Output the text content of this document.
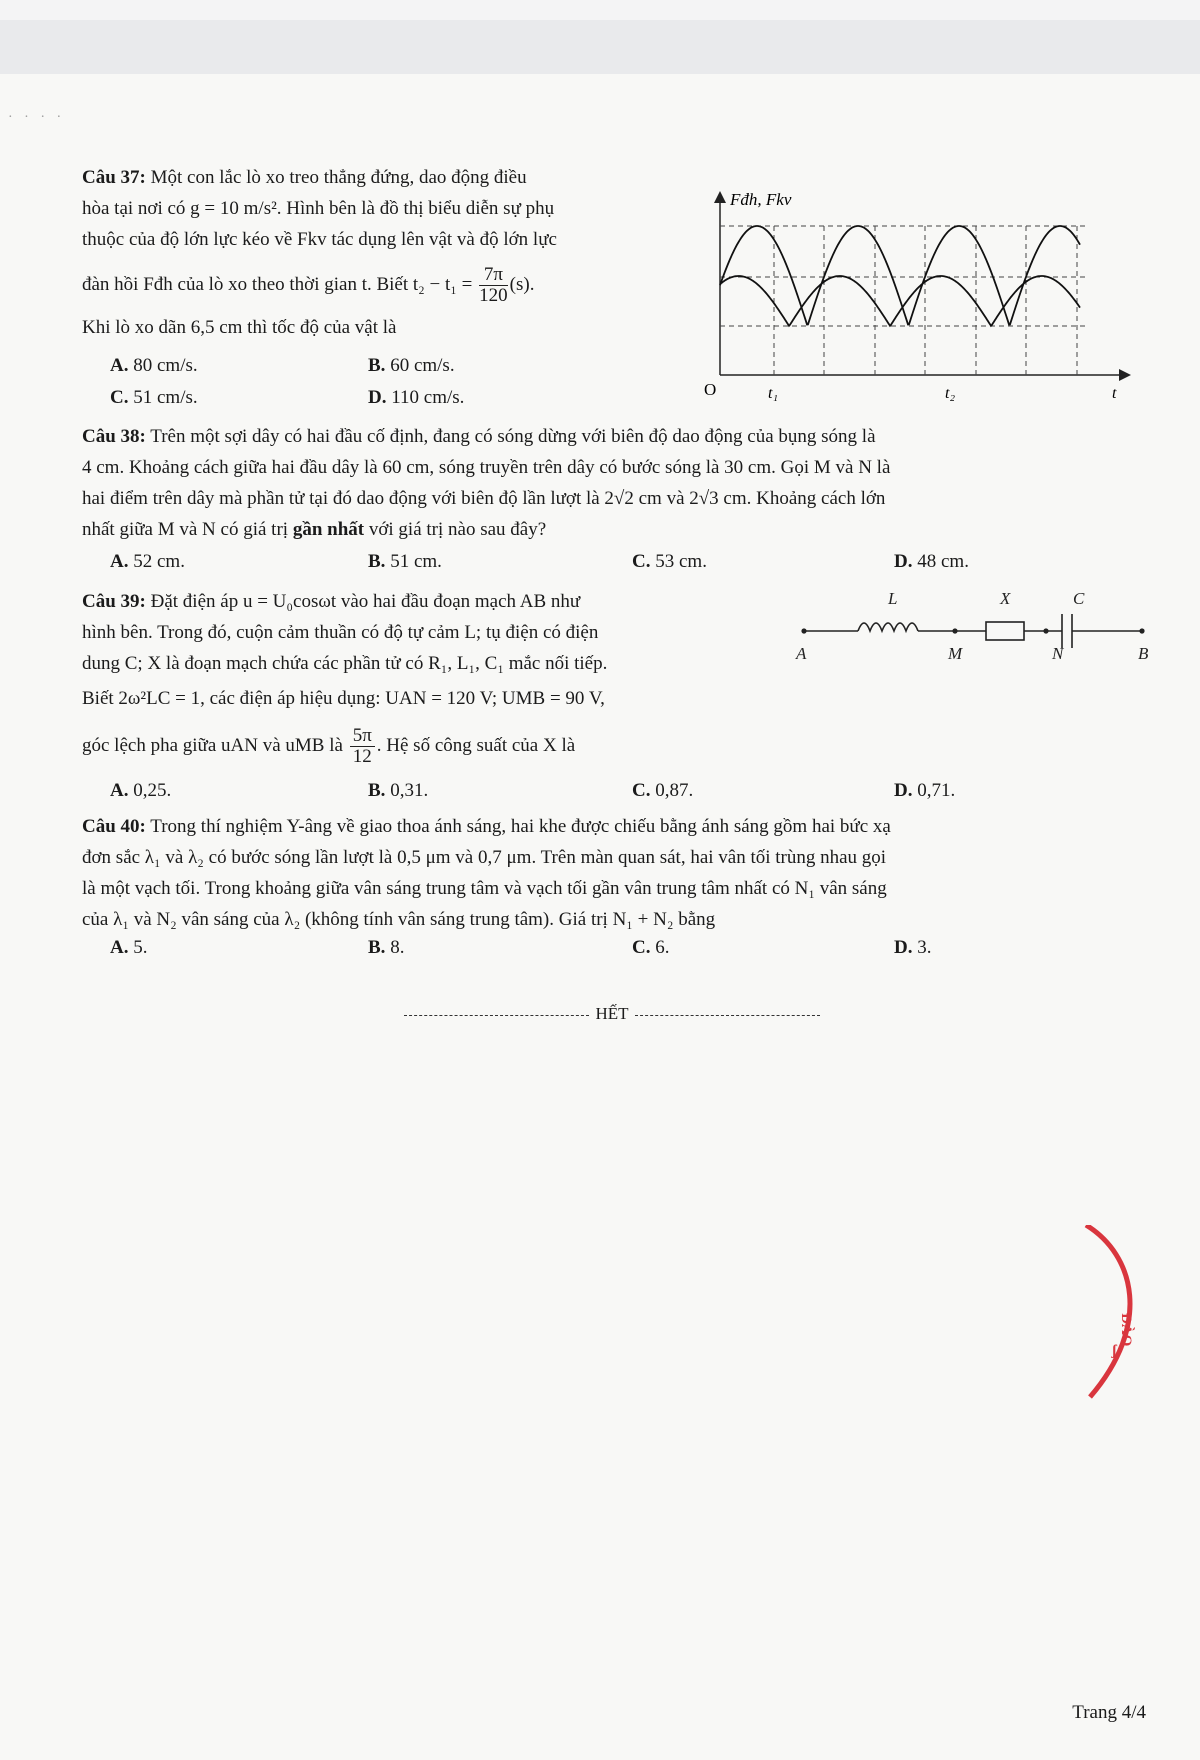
· · · ·
Câu 37: Một con lắc lò xo treo thẳng đứng, dao động điều
hòa tại nơi có g = 10 m/s². Hình bên là đồ thị biểu diễn sự phụ
thuộc của độ lớn lực kéo về Fkv tác dụng lên vật và độ lớn lực
đàn hồi Fđh của lò xo theo thời gian t. Biết $t_2 - t_1 = \frac{7\pi}{120} (s)$.
Khi lò xo dãn 6,5 cm thì tốc độ của vật là
A. 80 cm/s.	B. 60 cm/s.
C. 51 cm/s.	D. 110 cm/s.
Fđh, Fkv
O	t₁	t₂	t
Câu 38: Trên một sợi dây có hai đầu cố định, đang có sóng dừng với biên độ dao động của bụng sóng là
4 cm. Khoảng cách giữa hai đầu dây là 60 cm, sóng truyền trên dây có bước sóng là 30 cm. Gọi M và N là
hai điểm trên dây mà phần tử tại đó dao động với biên độ lần lượt là 2√2 cm và 2√3 cm. Khoảng cách lớn
nhất giữa M và N có giá trị gần nhất với giá trị nào sau đây?
A. 52 cm.	B. 51 cm.	C. 53 cm.	D. 48 cm.
Câu 39: Đặt điện áp u = U₀cosωt vào hai đầu đoạn mạch AB như
hình bên. Trong đó, cuộn cảm thuần có độ tự cảm L; tụ điện có điện
dung C; X là đoạn mạch chứa các phần tử có R₁, L₁, C₁ mắc nối tiếp.
Biết 2ω²LC = 1, các điện áp hiệu dụng: UAN = 120 V; UMB = 90 V,
góc lệch pha giữa uAN và uMB là $\frac{5\pi}{12}$ . Hệ số công suất của X là
L	X	C
A	M	N	B
A. 0,25.	B. 0,31.	C. 0,87.	D. 0,71.
Câu 40: Trong thí nghiệm Y-âng về giao thoa ánh sáng, hai khe được chiếu bằng ánh sáng gồm hai bức xạ
đơn sắc λ₁ và λ₂ có bước sóng lần lượt là 0,5 μm và 0,7 μm. Trên màn quan sát, hai vân tối trùng nhau gọi
là một vạch tối. Trong khoảng giữa vân sáng trung tâm và vạch tối gần vân trung tâm nhất có N₁ vân sáng
của λ₁ và N₂ vân sáng của λ₂ (không tính vân sáng trung tâm). Giá trị N₁ + N₂ bằng
A. 5.	B. 8.	C. 6.	D. 3.
HẾT
ĐÀO
ʃ
Trang 4/4
